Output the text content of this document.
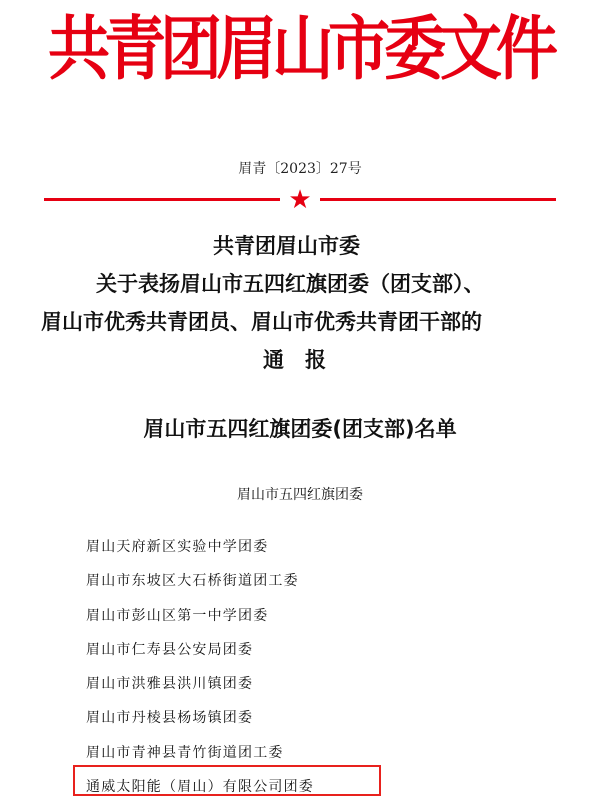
共青团眉山市委文件
眉青〔2023〕27号
★
共青团眉山市委
关于表扬眉山市五四红旗团委（团支部）、
眉山市优秀共青团员、眉山市优秀共青团干部的
通　报
眉山市五四红旗团委(团支部)名单
眉山市五四红旗团委
眉山天府新区实验中学团委
眉山市东坡区大石桥街道团工委
眉山市彭山区第一中学团委
眉山市仁寿县公安局团委
眉山市洪雅县洪川镇团委
眉山市丹棱县杨场镇团委
眉山市青神县青竹街道团工委
通威太阳能（眉山）有限公司团委
